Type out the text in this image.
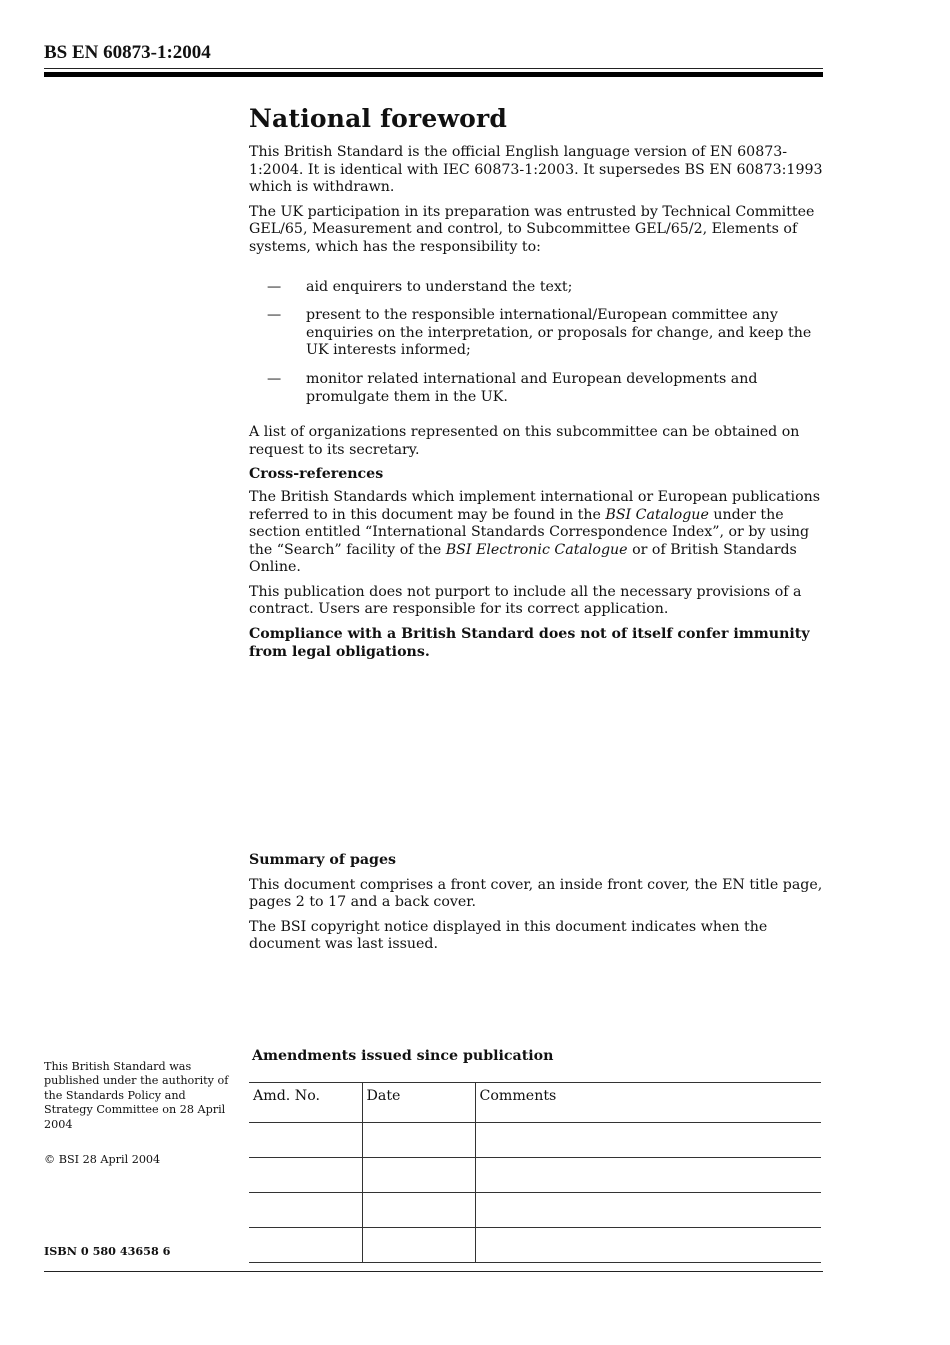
BS EN 60873-1:2004
National foreword

This British Standard is the official English language version of EN 60873-1:2004. It is identical with IEC 60873-1:2003. It supersedes BS EN 60873:1993 which is withdrawn.

The UK participation in its preparation was entrusted by Technical Committee GEL/65, Measurement and control, to Subcommittee GEL/65/2, Elements of systems, which has the responsibility to:

— aid enquirers to understand the text;
— present to the responsible international/European committee any enquiries on the interpretation, or proposals for change, and keep the UK interests informed;
— monitor related international and European developments and promulgate them in the UK.

A list of organizations represented on this subcommittee can be obtained on request to its secretary.

Cross-references

The British Standards which implement international or European publications referred to in this document may be found in the BSI Catalogue under the section entitled “International Standards Correspondence Index”, or by using the “Search” facility of the BSI Electronic Catalogue or of British Standards Online.

This publication does not purport to include all the necessary provisions of a contract. Users are responsible for its correct application.

Compliance with a British Standard does not of itself confer immunity from legal obligations.

Summary of pages

This document comprises a front cover, an inside front cover, the EN title page, pages 2 to 17 and a back cover.

The BSI copyright notice displayed in this document indicates when the document was last issued.

This British Standard was published under the authority of the Standards Policy and Strategy Committee on 28 April 2004

© BSI 28 April 2004

ISBN 0 580 43658 6

Amendments issued since publication

Amd. No.	Date	Comments
